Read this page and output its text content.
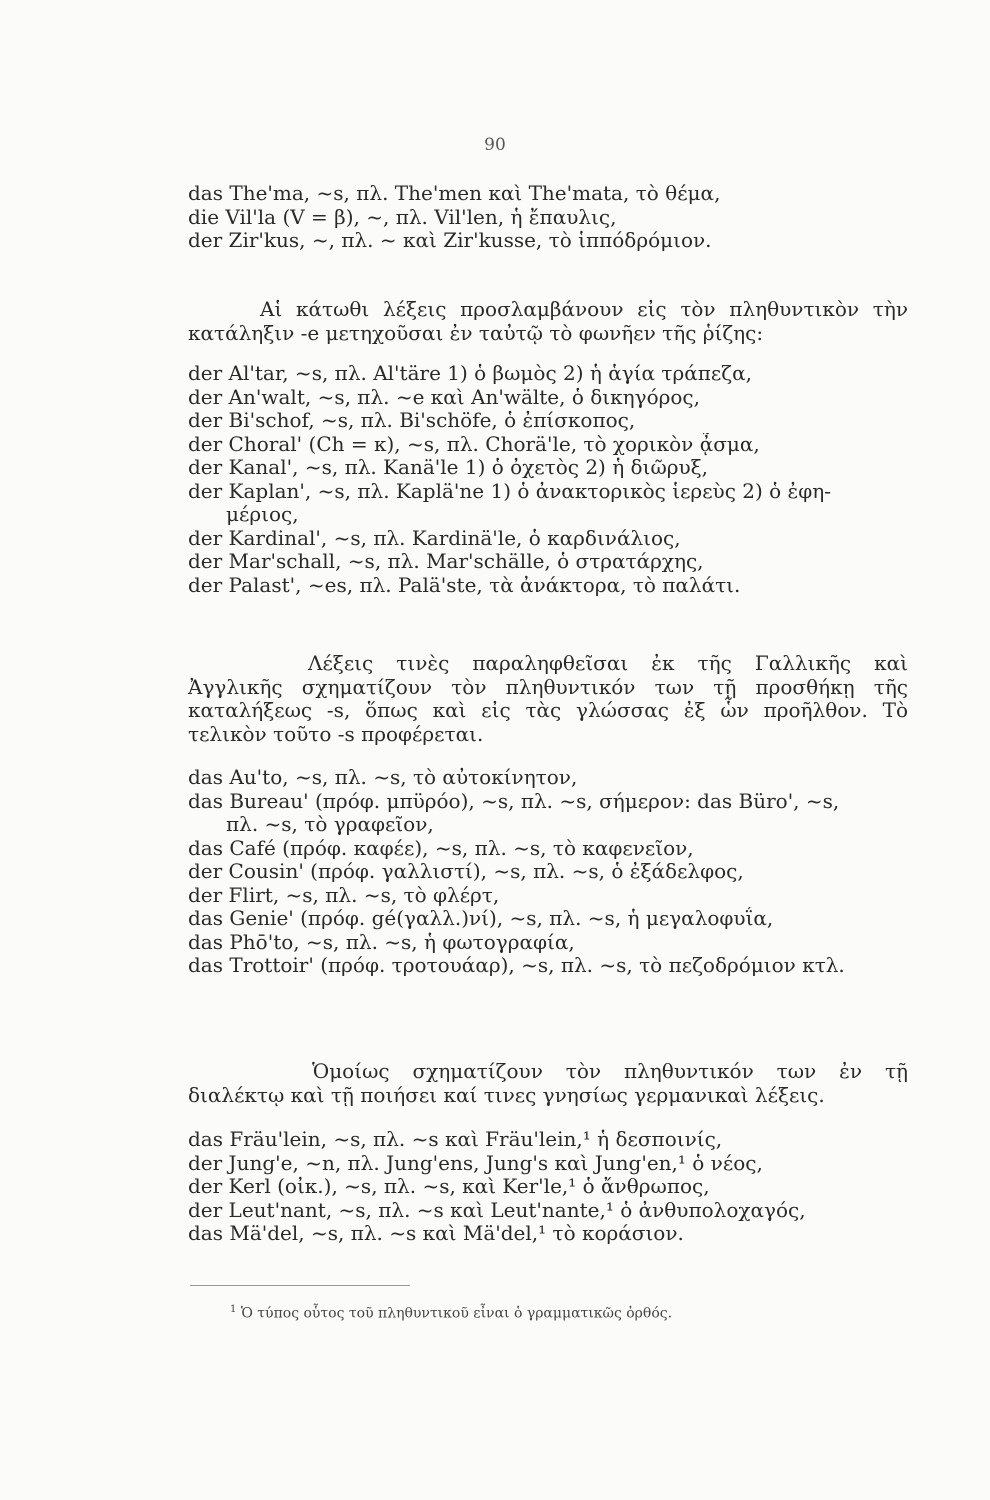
90
das The'ma, ~s, πλ. The'men καὶ The'mata, τὸ θέμα,
die Vil'la (V = β), ~, πλ. Vil'len, ἡ ἔπαυλις,
der Zir'kus, ~, πλ. ~ καὶ Zir'kusse, τὸ ἱππόδρόμιον.
Αἱ κάτωθι λέξεις προσλαμβάνουν εἰς τὸν πληθυντικὸν τὴν κατάληξιν -e μετηχοῦσαι ἐν ταὐτῷ τὸ φωνῆεν τῆς ῥίζης:
der Al'tar, ~s, πλ. Al'täre 1) ὁ βωμὸς 2) ἡ ἁγία τράπεζα,
der An'walt, ~s, πλ. ~e καὶ An'wälte, ὁ δικηγόρος,
der Bi'schof, ~s, πλ. Bi'schöfe, ὁ ἐπίσκοπος,
der Choral' (Ch = κ), ~s, πλ. Chorä'le, τὸ χορικὸν ᾆσμα,
der Kanal', ~s, πλ. Kanä'le 1) ὁ ὀχετὸς 2) ἡ διῶρυξ,
der Kaplan', ~s, πλ. Kaplä'ne 1) ὁ ἀνακτορικὸς ἱερεὺς 2) ὁ ἐφη-
μέριος,
der Kardinal', ~s, πλ. Kardinä'le, ὁ καρδινάλιος,
der Mar'schall, ~s, πλ. Mar'schälle, ὁ στρατάρχης,
der Palast', ~es, πλ. Palä'ste, τὰ ἀνάκτορα, τὸ παλάτι.
Λέξεις τινὲς παραληφθεῖσαι ἐκ τῆς Γαλλικῆς καὶ Ἀγγλικῆς σχηματίζουν τὸν πληθυντικόν των τῇ προσθήκῃ τῆς καταλήξεως -s, ὅπως καὶ εἰς τὰς γλώσσας ἐξ ὧν προῆλθον. Τὸ τελικὸν τοῦτο -s προφέρεται.
das Au'to, ~s, πλ. ~s, τὸ αὐτοκίνητον,
das Bureau' (πρόφ. μπϋρόο), ~s, πλ. ~s, σήμερον: das Büro', ~s,
πλ. ~s, τὸ γραφεῖον,
das Café (πρόφ. καφέε), ~s, πλ. ~s, τὸ καφενεῖον,
der Cousin' (πρόφ. γαλλιστί), ~s, πλ. ~s, ὁ ἐξάδελφος,
der Flirt, ~s, πλ. ~s, τὸ φλέρτ,
das Genie' (πρόφ. gé(γαλλ.)νί), ~s, πλ. ~s, ἡ μεγαλοφυΐα,
das Phō'to, ~s, πλ. ~s, ἡ φωτογραφία,
das Trottoir' (πρόφ. τροτουάαρ), ~s, πλ. ~s, τὸ πεζοδρόμιον κτλ.
Ὁμοίως σχηματίζουν τὸν πληθυντικόν των ἐν τῇ διαλέκτῳ καὶ τῇ ποιήσει καί τινες γνησίως γερμανικαὶ λέξεις.
das Fräu'lein, ~s, πλ. ~s καὶ Fräu'lein,¹ ἡ δεσποινίς,
der Jung'e, ~n, πλ. Jung'ens, Jung's καὶ Jung'en,¹ ὁ νέος,
der Kerl (οἰκ.), ~s, πλ. ~s, καὶ Ker'le,¹ ὁ ἄνθρωπος,
der Leut'nant, ~s, πλ. ~s καὶ Leut'nante,¹ ὁ ἀνθυπολοχαγός,
das Mä'del, ~s, πλ. ~s καὶ Mä'del,¹ τὸ κοράσιον.
$^1$ Ὁ τύπος οὗτος τοῦ πληθυντικοῦ εἶναι ὁ γραμματικῶς ὀρθός.
